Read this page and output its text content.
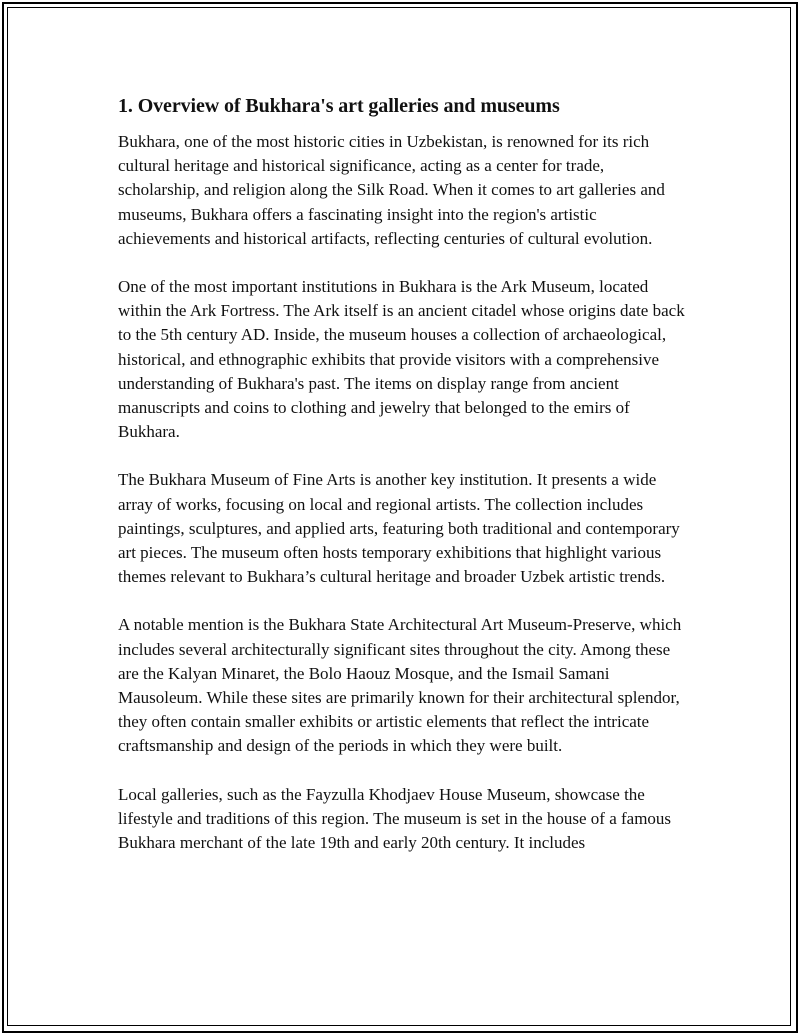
1. Overview of Bukhara's art galleries and museums

Bukhara, one of the most historic cities in Uzbekistan, is renowned for its rich cultural heritage and historical significance, acting as a center for trade, scholarship, and religion along the Silk Road. When it comes to art galleries and museums, Bukhara offers a fascinating insight into the region's artistic achievements and historical artifacts, reflecting centuries of cultural evolution.

One of the most important institutions in Bukhara is the Ark Museum, located within the Ark Fortress. The Ark itself is an ancient citadel whose origins date back to the 5th century AD. Inside, the museum houses a collection of archaeological, historical, and ethnographic exhibits that provide visitors with a comprehensive understanding of Bukhara's past. The items on display range from ancient manuscripts and coins to clothing and jewelry that belonged to the emirs of Bukhara.

The Bukhara Museum of Fine Arts is another key institution. It presents a wide array of works, focusing on local and regional artists. The collection includes paintings, sculptures, and applied arts, featuring both traditional and contemporary art pieces. The museum often hosts temporary exhibitions that highlight various themes relevant to Bukhara’s cultural heritage and broader Uzbek artistic trends.

A notable mention is the Bukhara State Architectural Art Museum-Preserve, which includes several architecturally significant sites throughout the city. Among these are the Kalyan Minaret, the Bolo Haouz Mosque, and the Ismail Samani Mausoleum. While these sites are primarily known for their architectural splendor, they often contain smaller exhibits or artistic elements that reflect the intricate craftsmanship and design of the periods in which they were built.

Local galleries, such as the Fayzulla Khodjaev House Museum, showcase the lifestyle and traditions of this region. The museum is set in the house of a famous Bukhara merchant of the late 19th and early 20th century. It includes
